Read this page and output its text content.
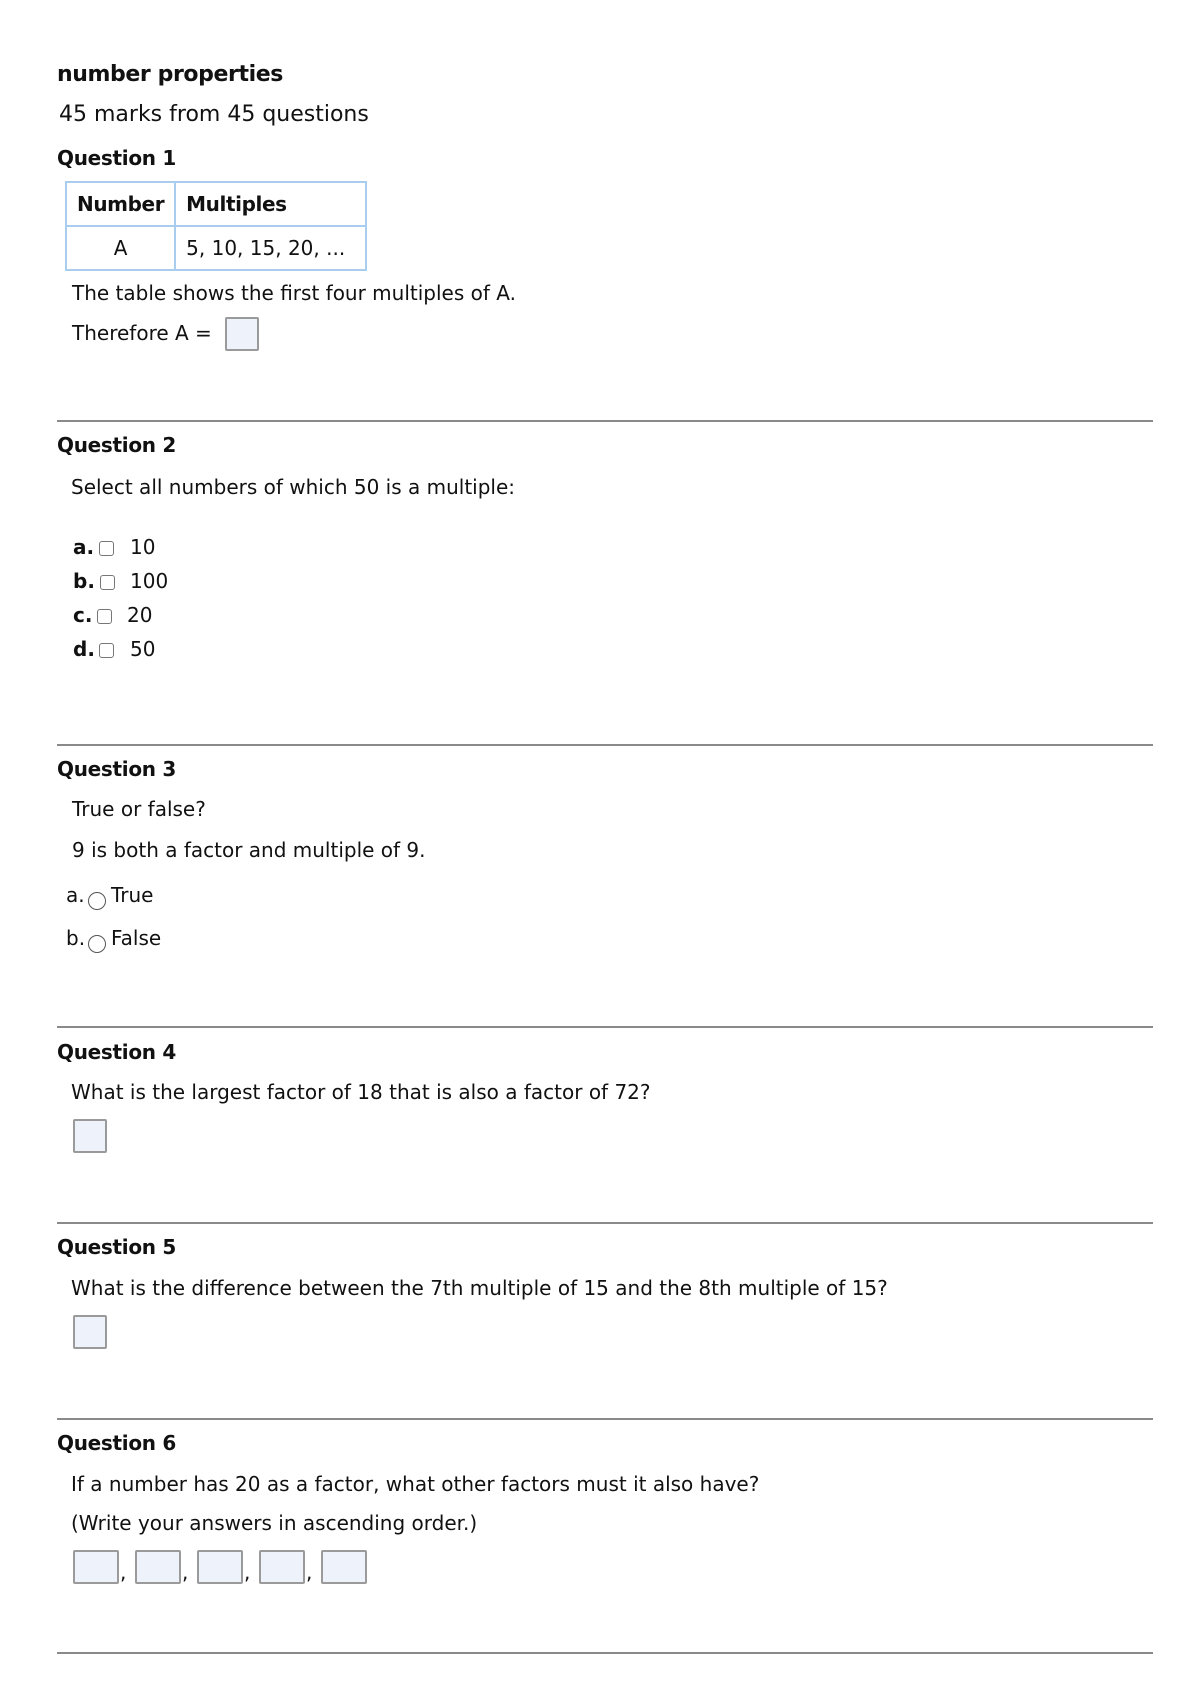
number properties
45 marks from 45 questions
Question 1
Number	Multiples
A	5, 10, 15, 20, ...
The table shows the first four multiples of A.
Therefore A =
Question 2
Select all numbers of which 50 is a multiple:
a. 10
b. 100
c. 20
d. 50
Question 3
True or false?
9 is both a factor and multiple of 9.
a. True
b. False
Question 4
What is the largest factor of 18 that is also a factor of 72?
Question 5
What is the difference between the 7th multiple of 15 and the 8th multiple of 15?
Question 6
If a number has 20 as a factor, what other factors must it also have?
(Write your answers in ascending order.)
,	,	,	,
